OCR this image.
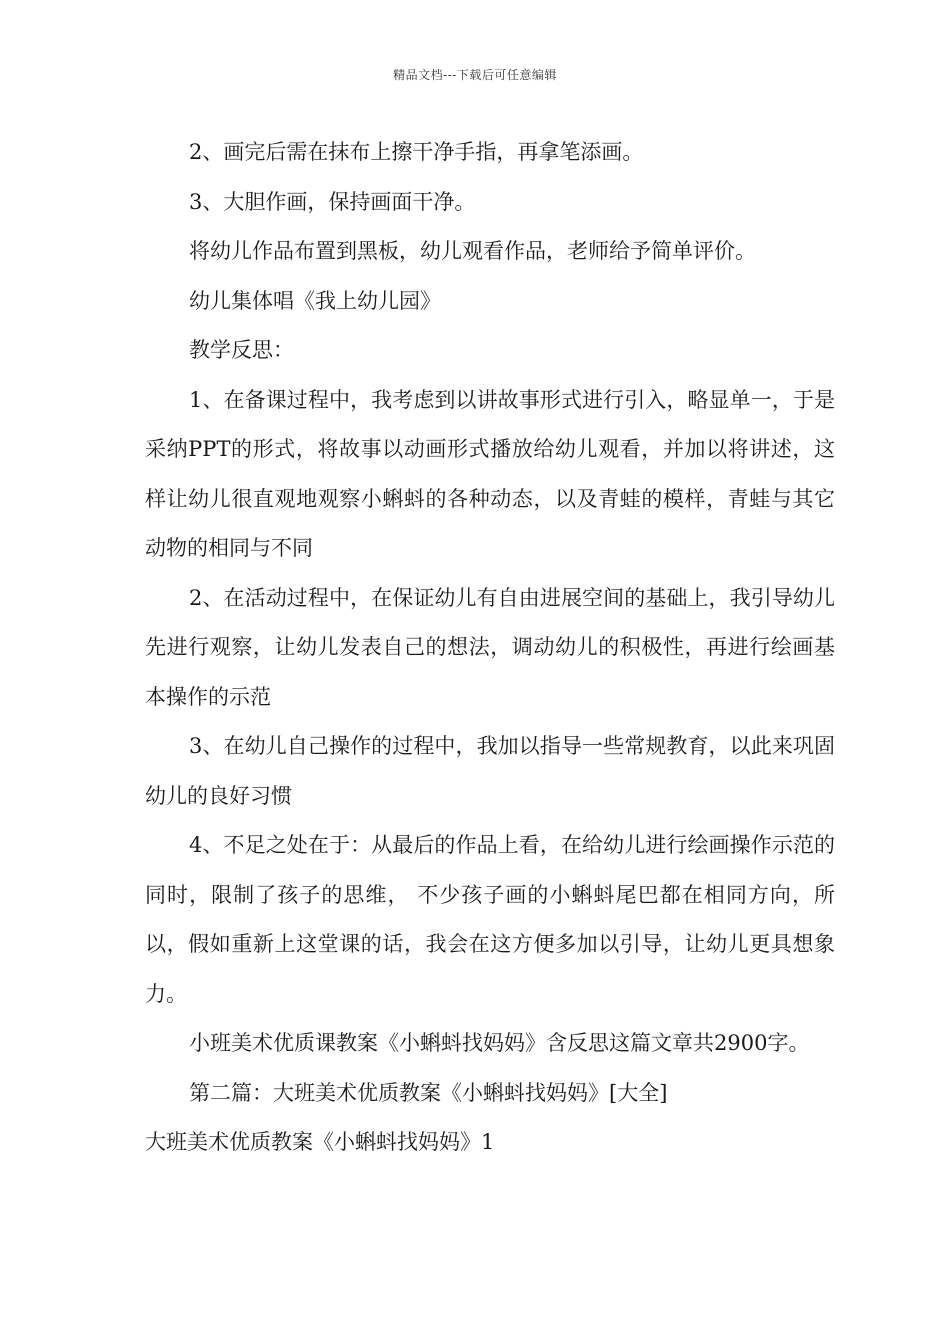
精品文档---下载后可任意编辑

2、画完后需在抹布上擦干净手指，再拿笔添画。

3、大胆作画，保持画面干净。

将幼儿作品布置到黑板，幼儿观看作品，老师给予简单评价。

幼儿集体唱《我上幼儿园》

教学反思：

1、在备课过程中，我考虑到以讲故事形式进行引入，略显单一，于是采纳PPT的形式，将故事以动画形式播放给幼儿观看，并加以将讲述，这样让幼儿很直观地观察小蝌蚪的各种动态，以及青蛙的模样，青蛙与其它动物的相同与不同

2、在活动过程中，在保证幼儿有自由进展空间的基础上，我引导幼儿先进行观察，让幼儿发表自己的想法，调动幼儿的积极性，再进行绘画基本操作的示范

3、在幼儿自己操作的过程中，我加以指导一些常规教育，以此来巩固幼儿的良好习惯

4、不足之处在于：从最后的作品上看，在给幼儿进行绘画操作示范的同时，限制了孩子的思维， 不少孩子画的小蝌蚪尾巴都在相同方向，所以，假如重新上这堂课的话，我会在这方便多加以引导，让幼儿更具想象力。

小班美术优质课教案《小蝌蚪找妈妈》含反思这篇文章共2900字。

第二篇：大班美术优质教案《小蝌蚪找妈妈》[大全]

大班美术优质教案《小蝌蚪找妈妈》1
